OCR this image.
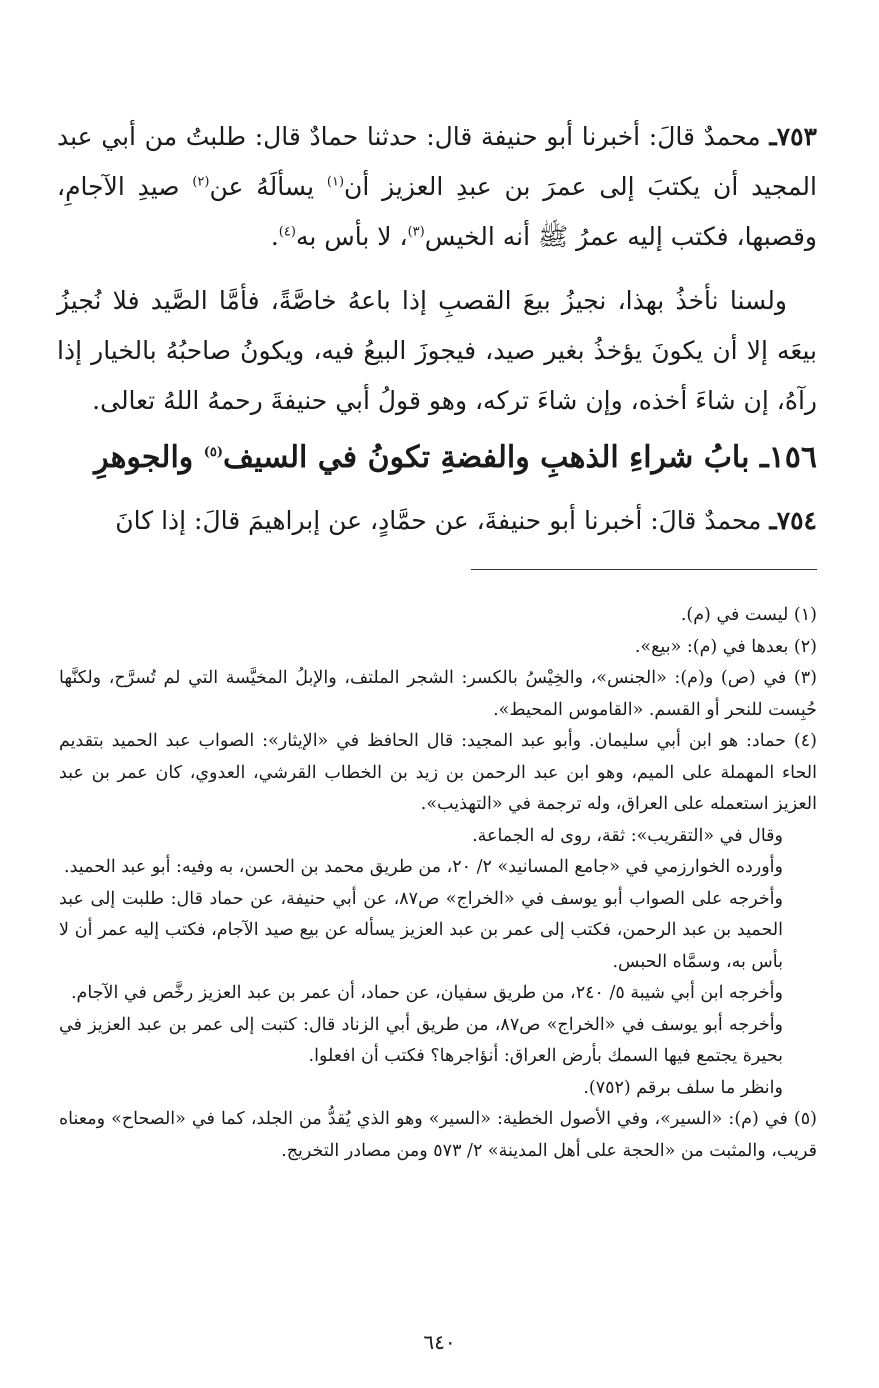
٧٥٣ـ محمدٌ قالَ: أخبرنا أبو حنيفة قال: حدثنا حمادٌ قال: طلبتُ من أبي عبد المجيد أن يكتبَ إلى عمرَ بن عبدِ العزيز أن$^{(١)}$ يسألَهُ عن$^{(٢)}$ صيدِ الآجامِ، وقصبها، فكتب إليه عمرُ ﷺ أنه الخيس$^{(٣)}$، لا بأس به$^{(٤)}$.

ولسنا نأخذُ بهذا، نجيزُ بيعَ القصبِ إذا باعهُ خاصَّةً، فأمَّا الصَّيد فلا نُجيزُ بيعَه إلا أن يكونَ يؤخذُ بغير صيد، فيجوزَ البيعُ فيه، ويكونُ صاحبُهُ بالخيار إذا رآهُ، إن شاءَ أخذه، وإن شاءَ تركه، وهو قولُ أبي حنيفةَ رحمهُ اللهُ تعالى.

١٥٦ـ بابُ شراءِ الذهبِ والفضةِ تكونُ في السيف$^{(٥)}$ والجوهرِ
٧٥٤ـ محمدٌ قالَ: أخبرنا أبو حنيفةَ، عن حمَّادٍ، عن إبراهيمَ قالَ: إذا كانَ

(١) ليست في (م).

(٢) بعدها في (م): «بيع».

(٣) في (ص) و(م): «الجنس»، والخِيْسُ بالكسر: الشجر الملتف، والإبلُ المخيَّسة التي لم تُسرَّح، ولكنَّها حُبِست للنحر أو القسم. «القاموس المحيط».

(٤) حماد: هو ابن أبي سليمان. وأبو عبد المجيد: قال الحافظ في «الإيثار»: الصواب عبد الحميد بتقديم الحاء المهملة على الميم، وهو ابن عبد الرحمن بن زيد بن الخطاب القرشي، العدوي، كان عمر بن عبد العزيز استعمله على العراق، وله ترجمة في «التهذيب».

وقال في «التقريب»: ثقة، روى له الجماعة.

وأورده الخوارزمي في «جامع المسانيد» ٢/ ٢٠، من طريق محمد بن الحسن، به وفيه: أبو عبد الحميد.

وأخرجه على الصواب أبو يوسف في «الخراج» ص٨٧، عن أبي حنيفة، عن حماد قال: طلبت إلى عبد الحميد بن عبد الرحمن، فكتب إلى عمر بن عبد العزيز يسأله عن بيع صيد الآجام، فكتب إليه عمر أن لا بأس به، وسمَّاه الحبس.

وأخرجه ابن أبي شيبة ٥/ ٢٤٠، من طريق سفيان، عن حماد، أن عمر بن عبد العزيز رخَّص في الآجام.

وأخرجه أبو يوسف في «الخراج» ص٨٧، من طريق أبي الزناد قال: كتبت إلى عمر بن عبد العزيز في بحيرة يجتمع فيها السمك بأرض العراق: أنؤاجرها؟ فكتب أن افعلوا.

وانظر ما سلف برقم (٧٥٢).

(٥) في (م): «السير»، وفي الأصول الخطية: «السير» وهو الذي يُقدُّ من الجلد، كما في «الصحاح» ومعناه قريب، والمثبت من «الحجة على أهل المدينة» ٢/ ٥٧٣ ومن مصادر التخريج.

٦٤٠
